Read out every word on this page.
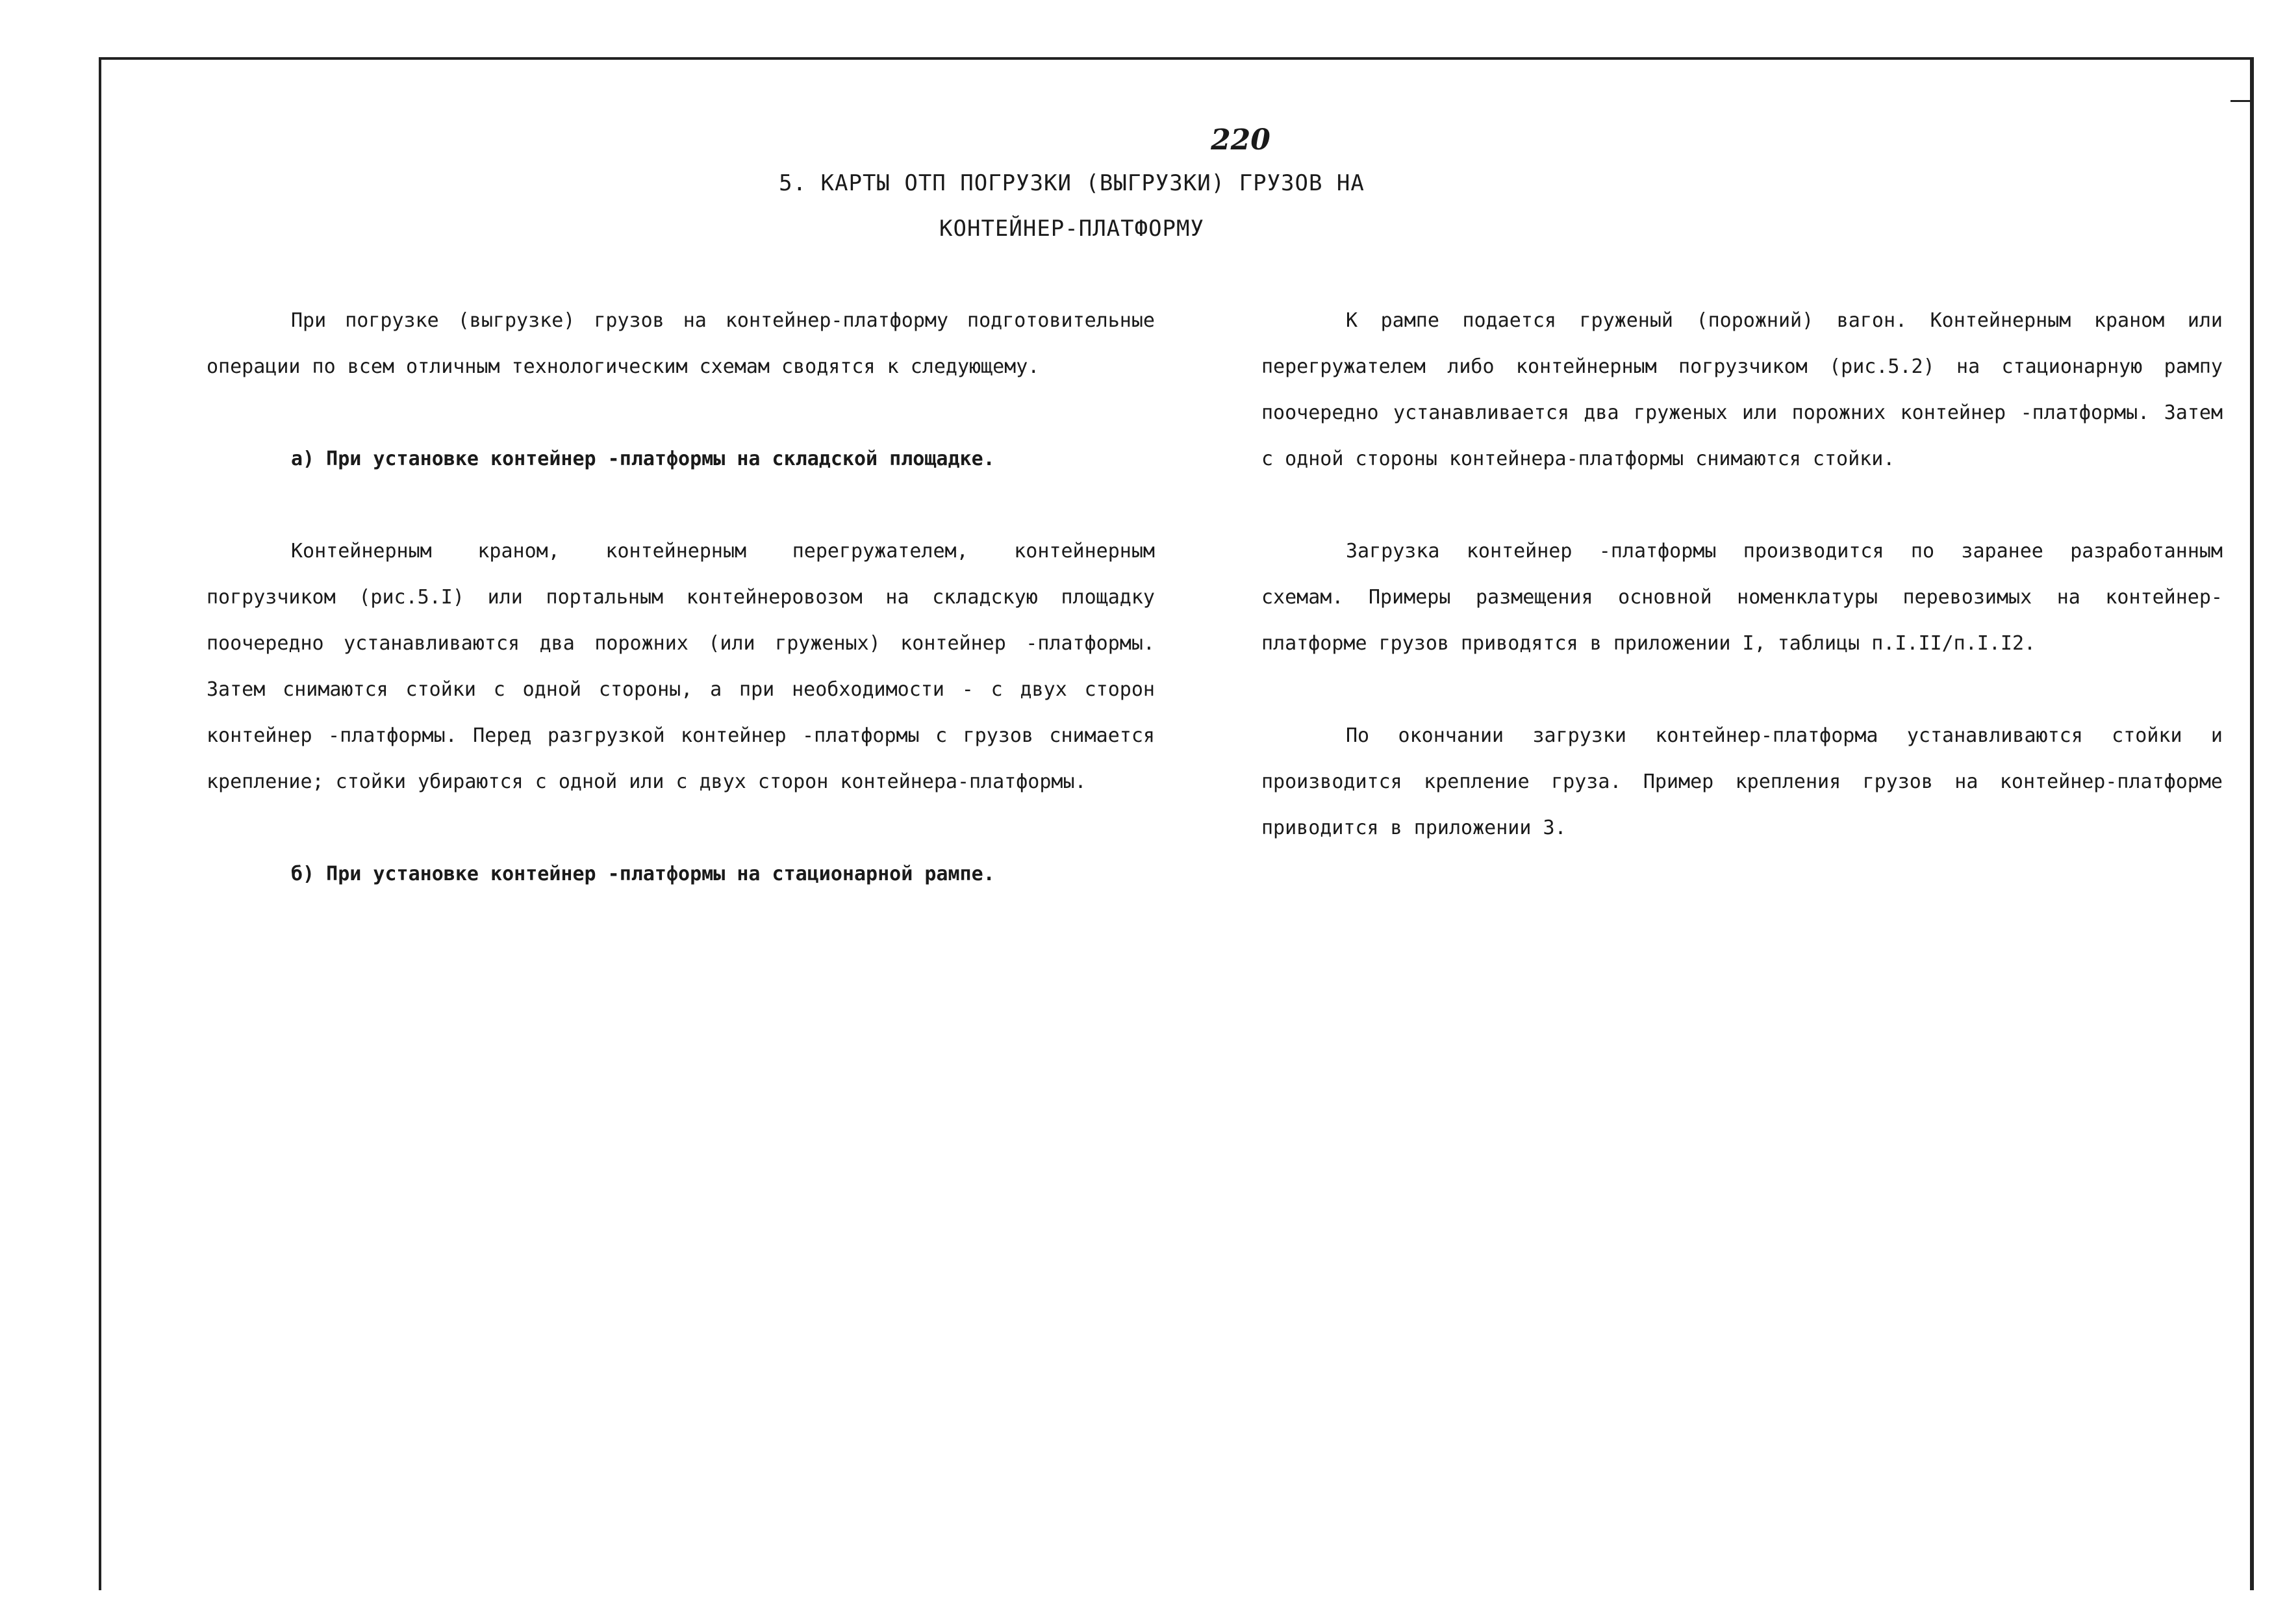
220
5. КАРТЫ ОТП ПОГРУЗКИ (ВЫГРУЗКИ) ГРУЗОВ НА
КОНТЕЙНЕР-ПЛАТФОРМУ

При погрузке (выгрузке) грузов на контейнер-платформу подготовительные операции по всем отличным технологическим схемам сводятся к следующему.

а) При установке контейнер -платформы на складской площадке.

Контейнерным краном, контейнерным перегружателем, контейнерным погрузчиком (рис.5.I) или портальным контейнеровозом на складскую площадку поочередно устанавливаются два порожних (или груженых) контейнер -платформы. Затем снимаются стойки с одной стороны, а при необходимости - с двух сторон контейнер -платформы. Перед разгрузкой контейнер -платформы с грузов снимается крепление; стойки убираются с одной или с двух сторон контейнера-платформы.

б) При установке контейнер -платформы на стационарной рампе.

К рампе подается груженый (порожний) вагон. Контейнерным краном или перегружателем либо контейнерным погрузчиком (рис.5.2) на стационарную рампу поочередно устанавливается два груженых или порожних контейнер -платформы. Затем с одной стороны контейнера-платформы снимаются стойки.

Загрузка контейнер -платформы производится по заранее разработанным схемам. Примеры размещения основной номенклатуры перевозимых на контейнер-платформе грузов приводятся в приложении I, таблицы п.I.II/п.I.I2.

По окончании загрузки контейнер-платформа устанавливаются стойки и производится крепление груза. Пример крепления грузов на контейнер-платформе приводится в приложении 3.
